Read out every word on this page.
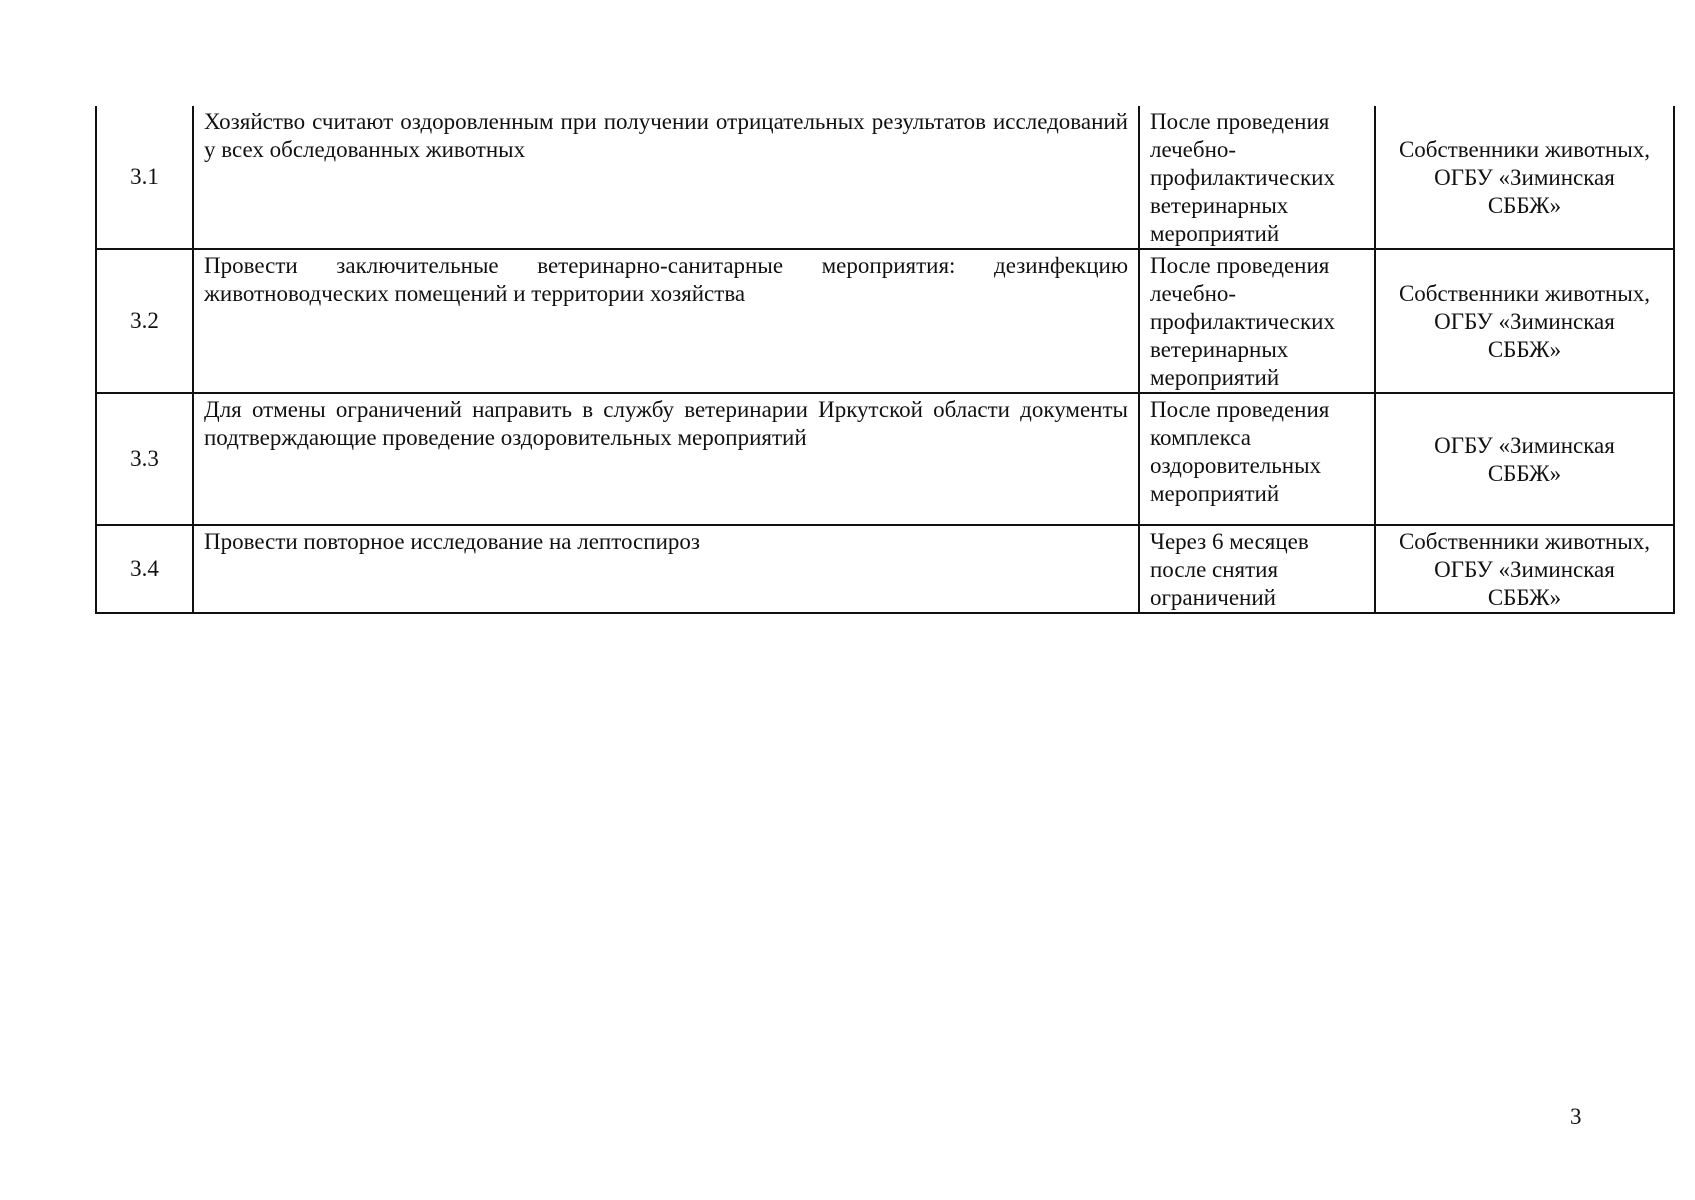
3.1	Хозяйство считают оздоровленным при получении отрицательных результатов исследований у всех обследованных животных	После проведения
лечебно-
профилактических
ветеринарных
мероприятий	Собственники животных,
ОГБУ «Зиминская
СББЖ»

3.2	Провести заключительные ветеринарно-санитарные мероприятия: дезинфекцию животноводческих помещений и территории хозяйства	После проведения
лечебно-
профилактических
ветеринарных
мероприятий	Собственники животных,
ОГБУ «Зиминская
СББЖ»

3.3	Для отмены ограничений направить в службу ветеринарии Иркутской области документы подтверждающие проведение оздоровительных мероприятий	После проведения
комплекса
оздоровительных
мероприятий	ОГБУ «Зиминская
СББЖ»

3.4	Провести повторное исследование на лептоспироз	Через 6 месяцев
после снятия
ограничений	Собственники животных,
ОГБУ «Зиминская
СББЖ»
3
